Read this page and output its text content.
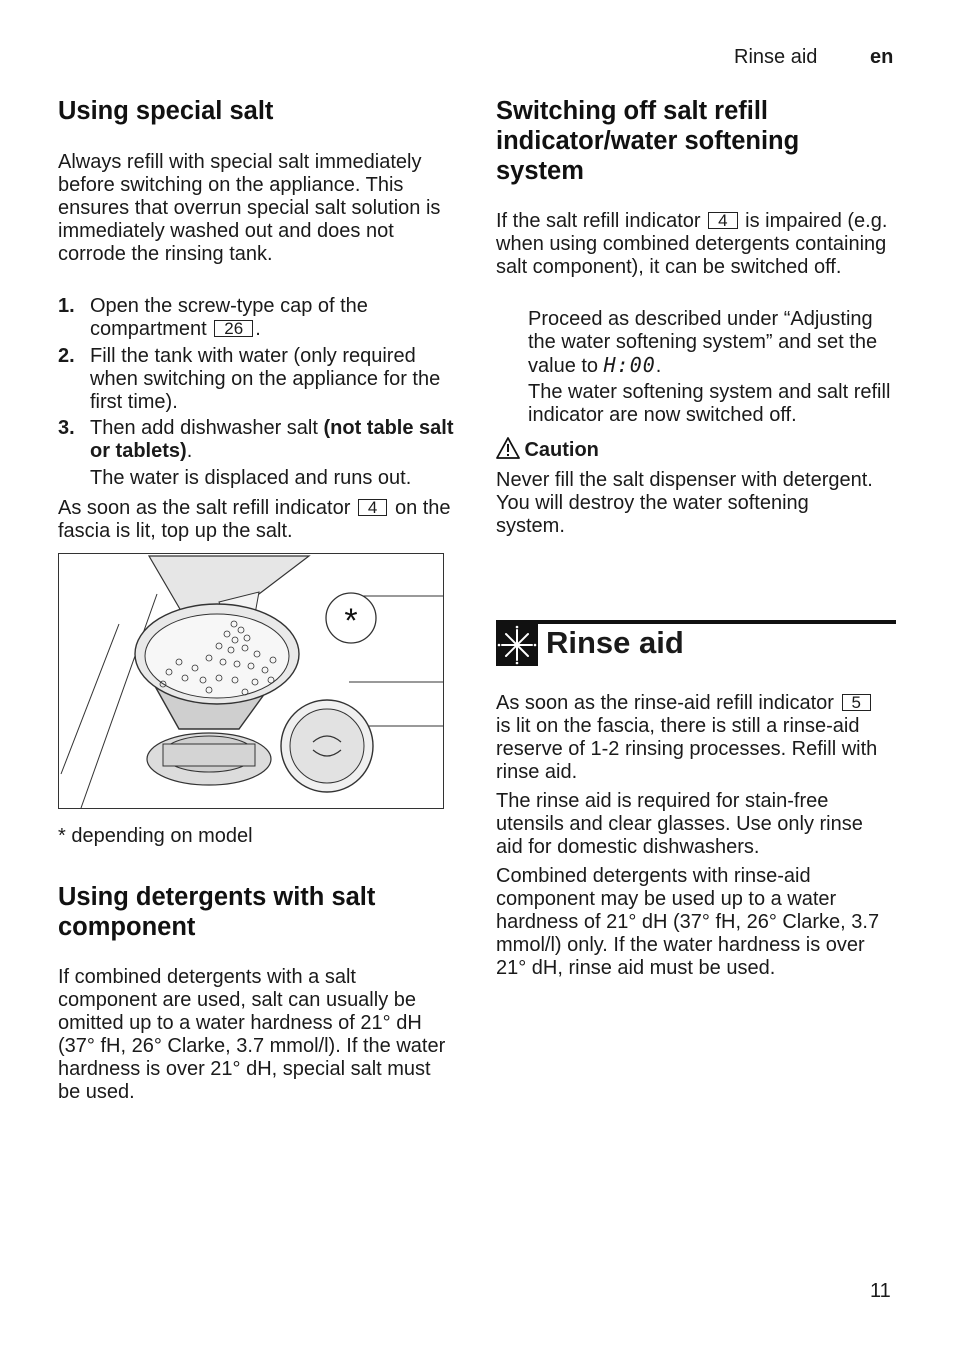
Rinse aid	en
Using special salt

Always refill with special salt immediately before switching on the appliance. This ensures that overrun special salt solution is immediately washed out and does not corrode the rinsing tank.

1. Open the screw-type cap of the compartment 26 .
2. Fill the tank with water (only required when switching on the appliance for the first time).
3. Then add dishwasher salt (not table salt or tablets).
The water is displaced and runs out.

As soon as the salt refill indicator 4 on the fascia is lit, top up the salt.

*

* depending on model

Using detergents with salt component

If combined detergents with a salt component are used, salt can usually be omitted up to a water hardness of 21° dH (37° fH, 26° Clarke, 3.7 mmol/l). If the water hardness is over 21° dH, special salt must be used.

Switching off salt refill indicator/water softening system

If the salt refill indicator 4 is impaired (e.g. when using combined detergents containing salt component), it can be switched off.

Proceed as described under “Adjusting the water softening system” and set the value to H:00.

The water softening system and salt refill indicator are now switched off.

Caution

Never fill the salt dispenser with detergent. You will destroy the water softening system.

Rinse aid

As soon as the rinse-aid refill indicator 5 is lit on the fascia, there is still a rinse-aid reserve of 1-2 rinsing processes. Refill with rinse aid.

The rinse aid is required for stain-free utensils and clear glasses. Use only rinse aid for domestic dishwashers.

Combined detergents with rinse-aid component may be used up to a water hardness of 21° dH (37° fH, 26° Clarke, 3.7 mmol/l) only. If the water hardness is over 21° dH, rinse aid must be used.

11
